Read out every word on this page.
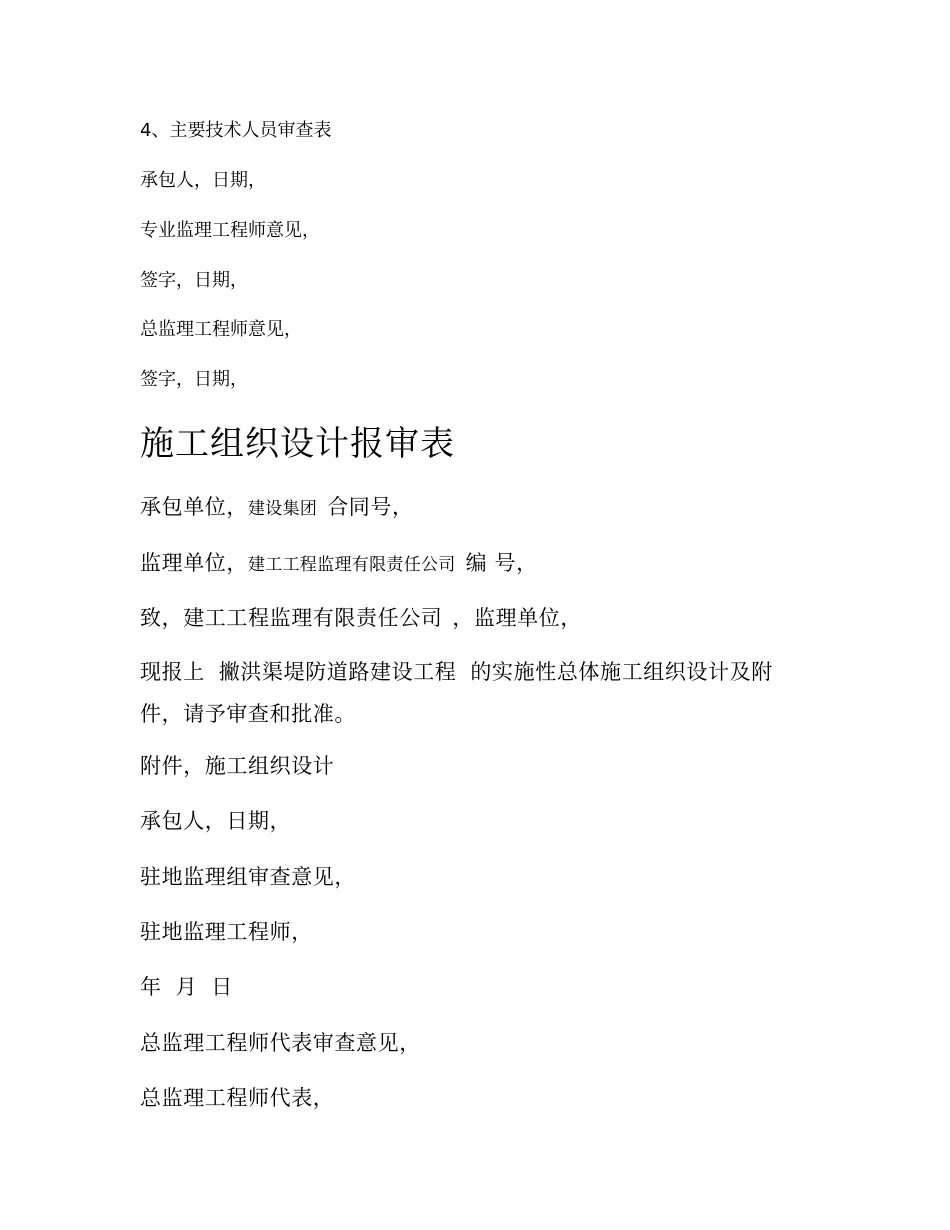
4、主要技术人员审查表
承包人，日期，
专业监理工程师意见，
签字，日期，
总监理工程师意见，
签字，日期，
施工组织设计报审表
承包单位，建设集团 合同号，
监理单位，建工工程监理有限责任公司 编 号，
致，建工工程监理有限责任公司 ，监理单位，
现报上 撇洪渠堤防道路建设工程 的实施性总体施工组织设计及附件，请予审查和批准。
附件，施工组织设计
承包人，日期，
驻地监理组审查意见，
驻地监理工程师，
年 月 日
总监理工程师代表审查意见，
总监理工程师代表，
